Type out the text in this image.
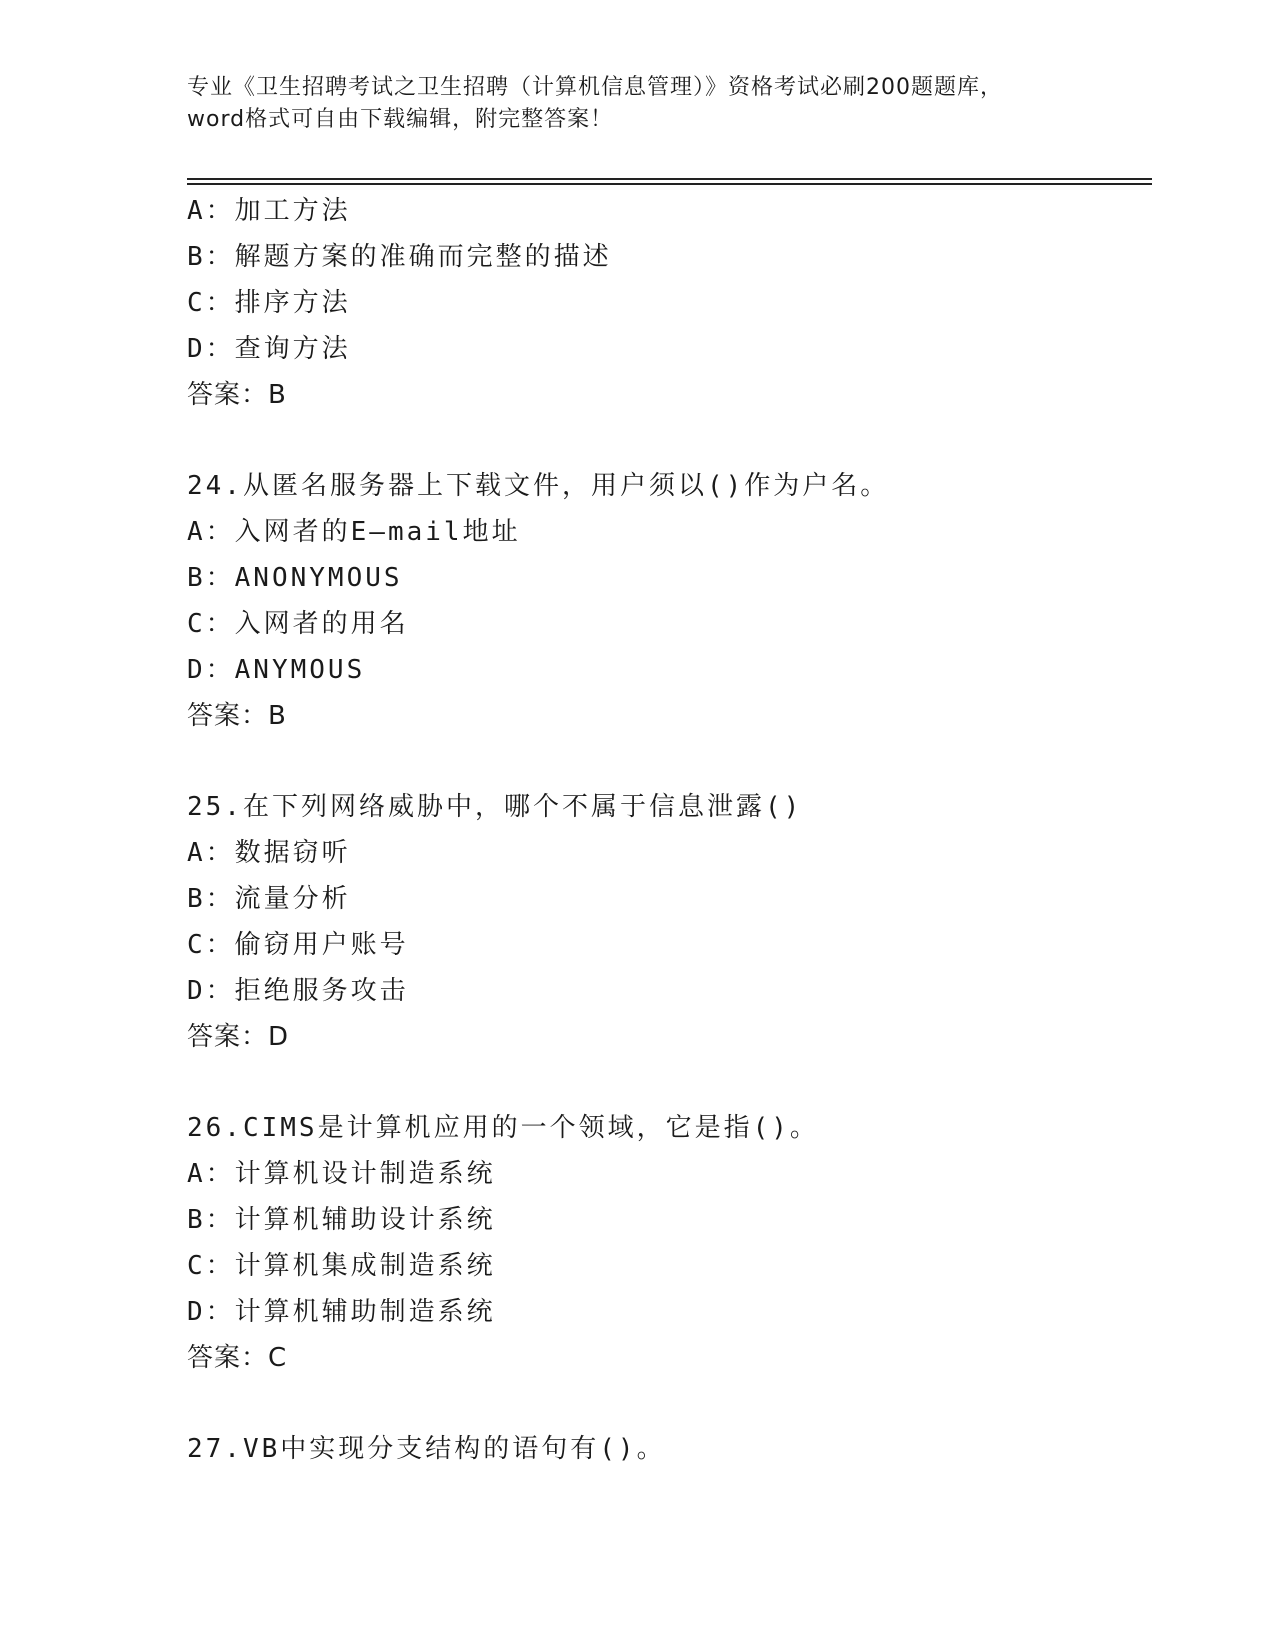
专业《卫生招聘考试之卫生招聘（计算机信息管理）》资格考试必刷200题题库，
word格式可自由下载编辑，附完整答案！
A：加工方法
B：解题方案的准确而完整的描述
C：排序方法
D：查询方法
答案：B
24.从匿名服务器上下载文件，用户须以()作为户名。
A：入网者的E—mail地址
B：ANONYMOUS
C：入网者的用名
D：ANYMOUS
答案：B
25.在下列网络威胁中，哪个不属于信息泄露()
A：数据窃听
B：流量分析
C：偷窃用户账号
D：拒绝服务攻击
答案：D
26.CIMS是计算机应用的一个领域，它是指()。
A：计算机设计制造系统
B：计算机辅助设计系统
C：计算机集成制造系统
D：计算机辅助制造系统
答案：C
27.VB中实现分支结构的语句有()。
